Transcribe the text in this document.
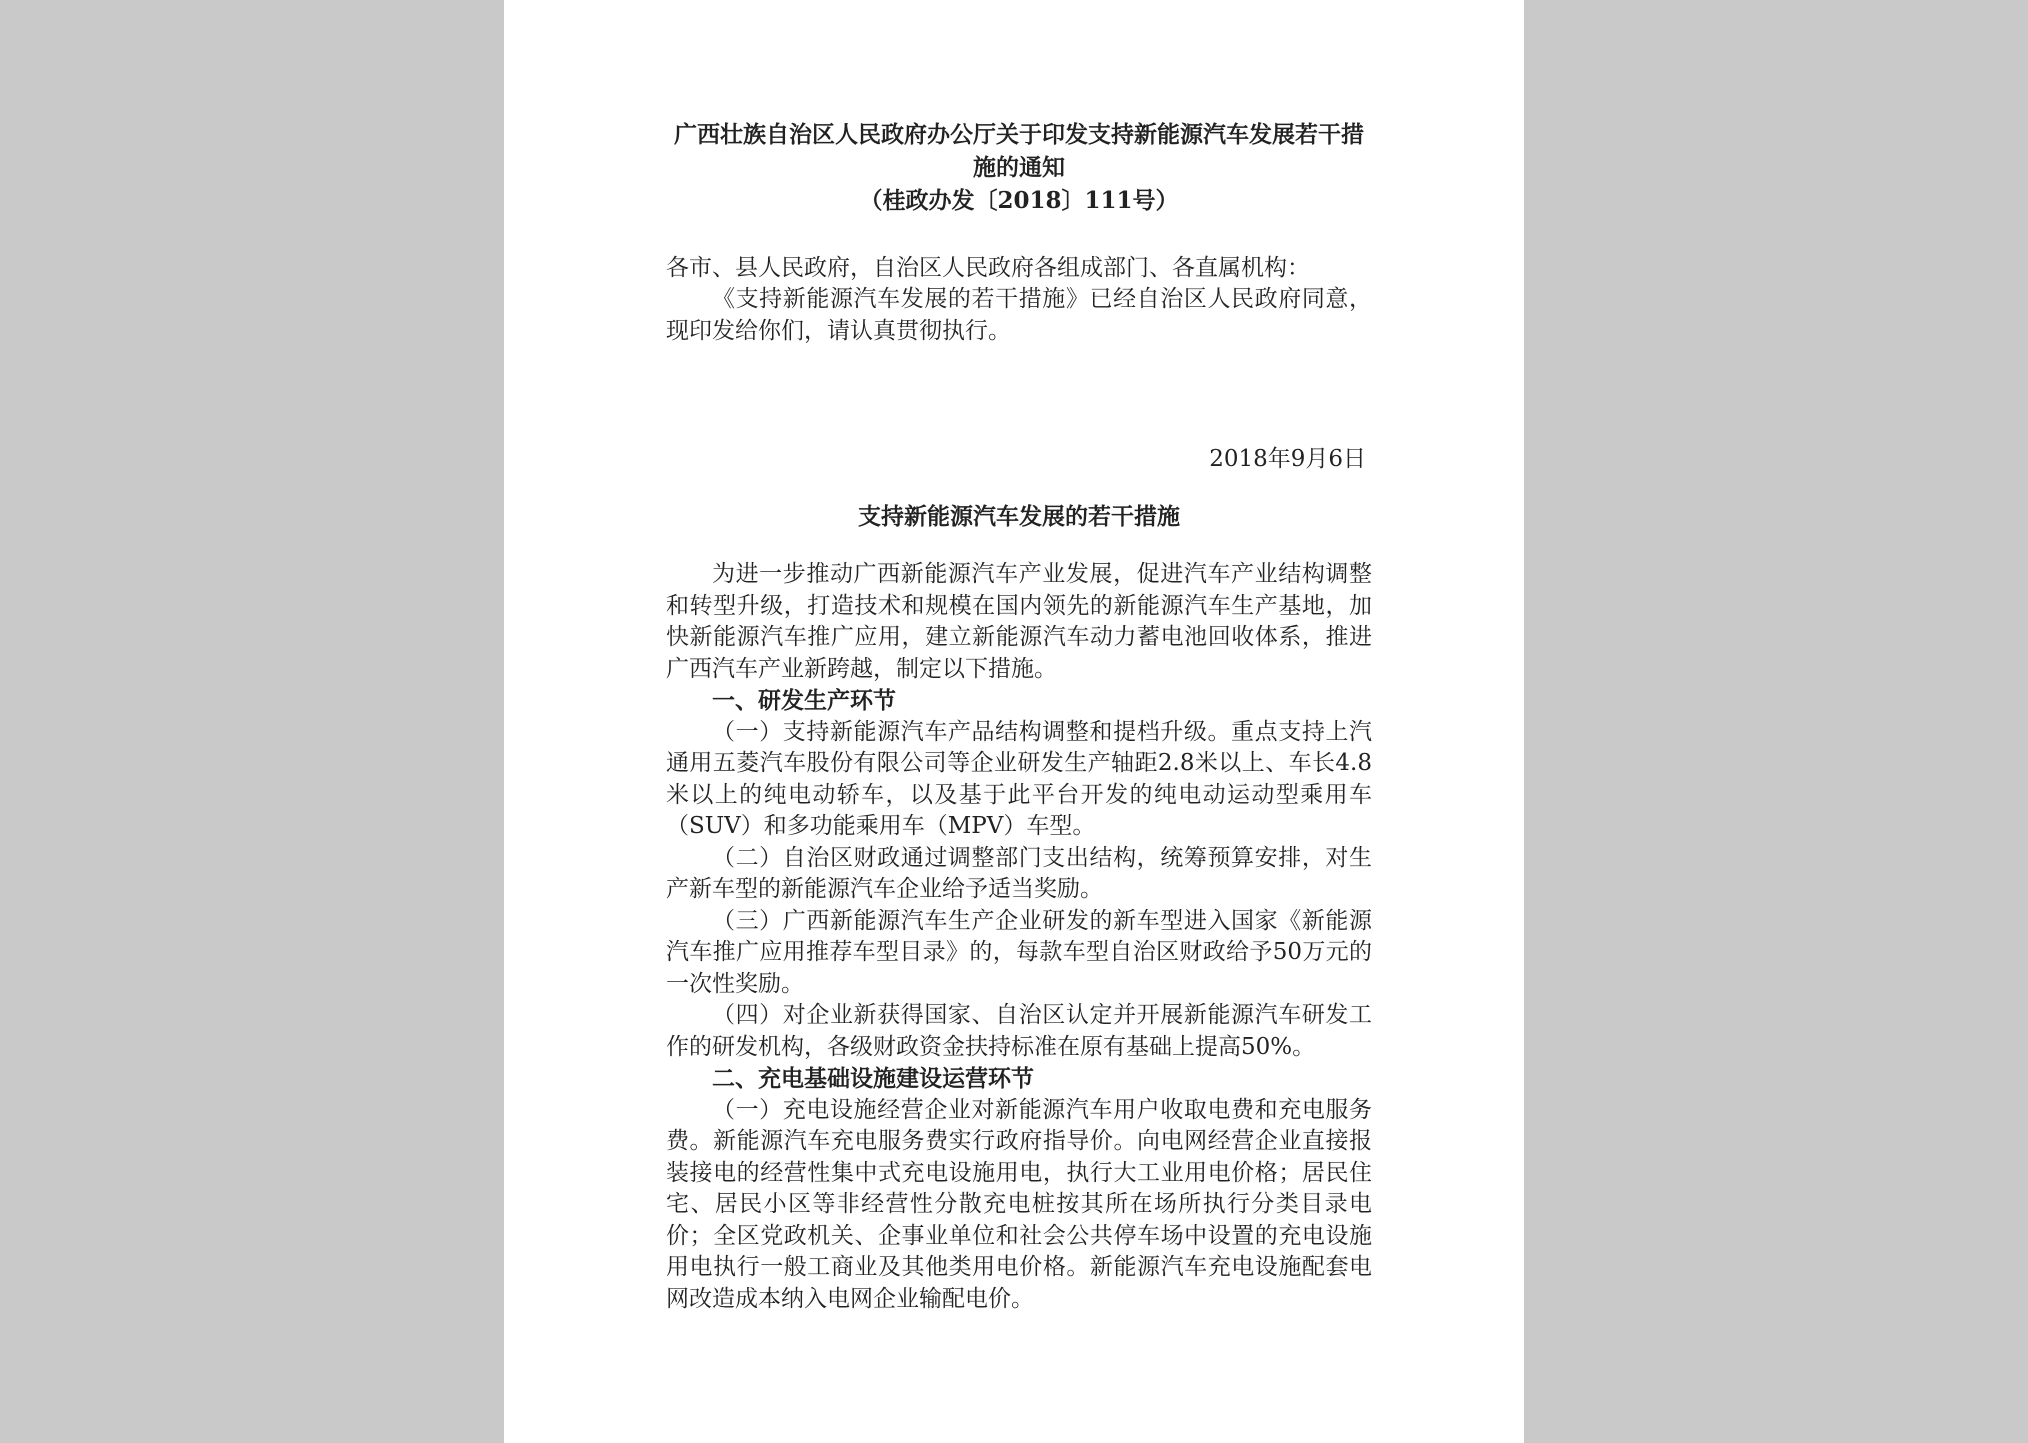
广西壮族自治区人民政府办公厅关于印发支持新能源汽车发展若干措施的通知
（桂政办发〔2018〕111号）
各市、县人民政府，自治区人民政府各组成部门、各直属机构：

《支持新能源汽车发展的若干措施》已经自治区人民政府同意，现印发给你们，请认真贯彻执行。

2018年9月6日
支持新能源汽车发展的若干措施

为进一步推动广西新能源汽车产业发展，促进汽车产业结构调整和转型升级，打造技术和规模在国内领先的新能源汽车生产基地，加快新能源汽车推广应用，建立新能源汽车动力蓄电池回收体系，推进广西汽车产业新跨越，制定以下措施。

一、研发生产环节

（一）支持新能源汽车产品结构调整和提档升级。重点支持上汽通用五菱汽车股份有限公司等企业研发生产轴距2.8米以上、车长4.8米以上的纯电动轿车，以及基于此平台开发的纯电动运动型乘用车（SUV）和多功能乘用车（MPV）车型。

（二）自治区财政通过调整部门支出结构，统筹预算安排，对生产新车型的新能源汽车企业给予适当奖励。

（三）广西新能源汽车生产企业研发的新车型进入国家《新能源汽车推广应用推荐车型目录》的，每款车型自治区财政给予50万元的一次性奖励。

（四）对企业新获得国家、自治区认定并开展新能源汽车研发工作的研发机构，各级财政资金扶持标准在原有基础上提高50%。

二、充电基础设施建设运营环节

（一）充电设施经营企业对新能源汽车用户收取电费和充电服务费。新能源汽车充电服务费实行政府指导价。向电网经营企业直接报装接电的经营性集中式充电设施用电，执行大工业用电价格；居民住宅、居民小区等非经营性分散充电桩按其所在场所执行分类目录电价；全区党政机关、企事业单位和社会公共停车场中设置的充电设施用电执行一般工商业及其他类用电价格。新能源汽车充电设施配套电网改造成本纳入电网企业输配电价。
